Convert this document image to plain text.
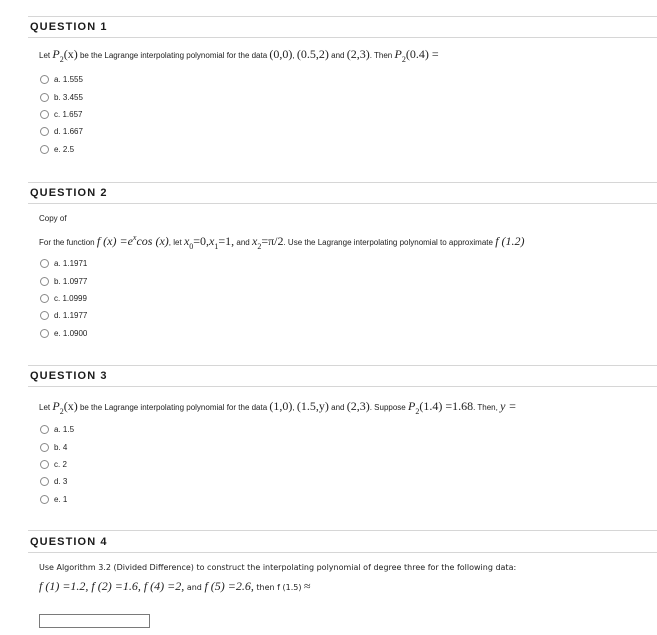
QUESTION 1
Let $P_2(x)$ be the Lagrange interpolating polynomial for the data (0,0), (0.5,2) and (2,3). Then $P_2(0.4)$ =
a. 1.555
b. 3.455
c. 1.657
d. 1.667
e. 2.5
QUESTION 2
Copy of
For the function f $(x) =e^x\cos$ (x), let $x_0=0,x_1=1$, and $x_2=\pi/2$. Use the Lagrange interpolating polynomial to approximate f (1.2)
a. 1.1971
b. 1.0977
c. 1.0999
d. 1.1977
e. 1.0900
QUESTION 3
Let $P_2(x)$ be the Lagrange interpolating polynomial for the data (1,0), (1.5,y) and (2,3). Suppose $P_2(1.4) =1.68$. Then, y =
a. 1.5
b. 4
c. 2
d. 3
e. 1
QUESTION 4
Use Algorithm 3.2 (Divided Difference) to construct the interpolating polynomial of degree three for the following data:
f (1) =1.2, f (2) =1.6, f (4) =2, and f (5) =2.6, then f (1.5) ≈
